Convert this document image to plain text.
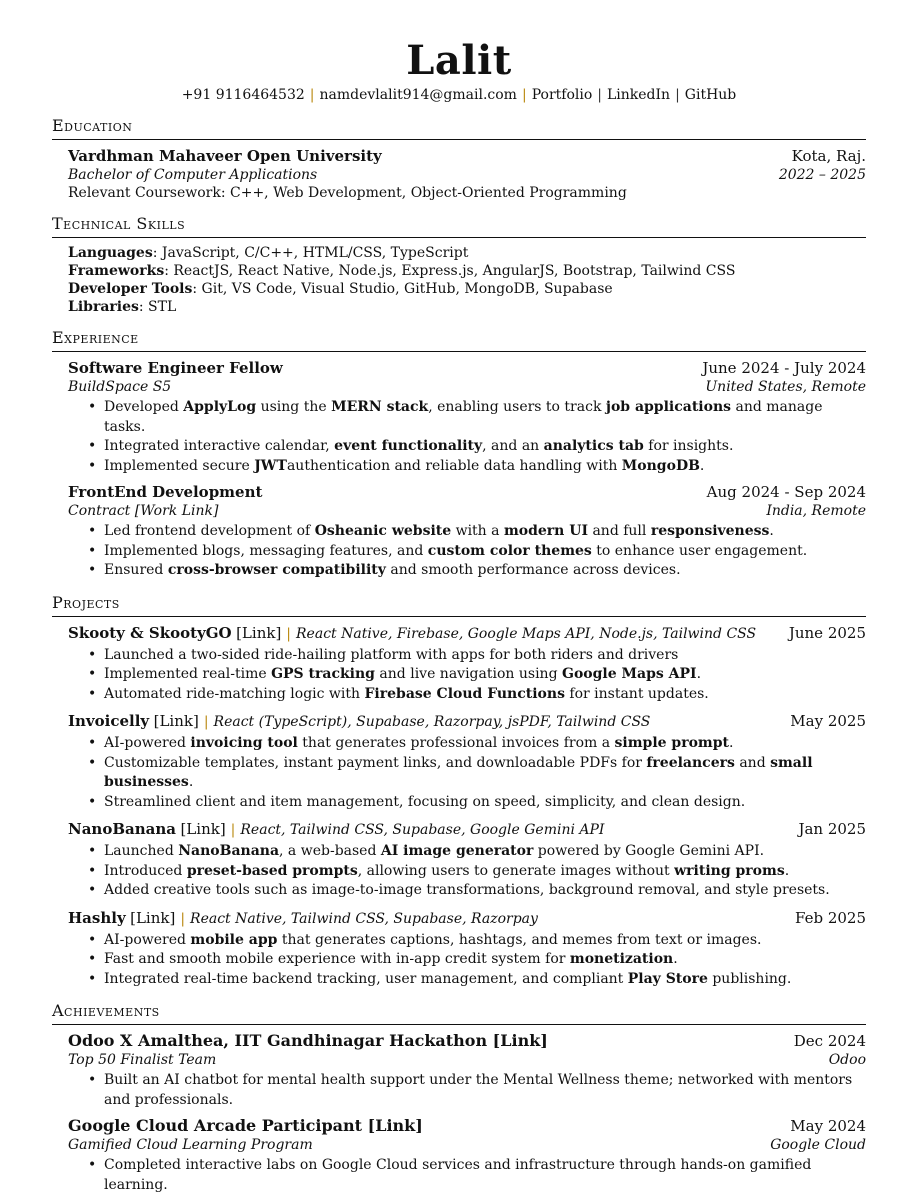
Lalit
+91 9116464532 | namdevlalit914@gmail.com | Portfolio | LinkedIn | GitHub
Education
Vardhman Mahaveer Open University	Kota, Raj.
Bachelor of Computer Applications	2022 – 2025
Relevant Coursework: C++, Web Development, Object-Oriented Programming
Technical Skills
Languages: JavaScript, C/C++, HTML/CSS, TypeScript
Frameworks: ReactJS, React Native, Node.js, Express.js, AngularJS, Bootstrap, Tailwind CSS
Developer Tools: Git, VS Code, Visual Studio, GitHub, MongoDB, Supabase
Libraries: STL
Experience
Software Engineer Fellow	June 2024 - July 2024
BuildSpace S5	United States, Remote
• Developed ApplyLog using the MERN stack, enabling users to track job applications and manage tasks.
• Integrated interactive calendar, event functionality, and an analytics tab for insights.
• Implemented secure JWTauthentication and reliable data handling with MongoDB.
FrontEnd Development	Aug 2024 - Sep 2024
Contract [Work Link]	India, Remote
• Led frontend development of Osheanic website with a modern UI and full responsiveness.
• Implemented blogs, messaging features, and custom color themes to enhance user engagement.
• Ensured cross-browser compatibility and smooth performance across devices.
Projects
Skooty & SkootyGO [Link] | React Native, Firebase, Google Maps API, Node.js, Tailwind CSS June 2025
• Launched a two-sided ride-hailing platform with apps for both riders and drivers
• Implemented real-time GPS tracking and live navigation using Google Maps API.
• Automated ride-matching logic with Firebase Cloud Functions for instant updates.
Invoicelly [Link] | React (TypeScript), Supabase, Razorpay, jsPDF, Tailwind CSS	May 2025
• AI-powered invoicing tool that generates professional invoices from a simple prompt.
• Customizable templates, instant payment links, and downloadable PDFs for freelancers and small businesses.
• Streamlined client and item management, focusing on speed, simplicity, and clean design.
NanoBanana [Link] | React, Tailwind CSS, Supabase, Google Gemini API	Jan 2025
• Launched NanoBanana, a web-based AI image generator powered by Google Gemini API.
• Introduced preset-based prompts, allowing users to generate images without writing proms.
• Added creative tools such as image-to-image transformations, background removal, and style presets.
Hashly [Link] | React Native, Tailwind CSS, Supabase, Razorpay	Feb 2025
• AI-powered mobile app that generates captions, hashtags, and memes from text or images.
• Fast and smooth mobile experience with in-app credit system for monetization.
• Integrated real-time backend tracking, user management, and compliant Play Store publishing.
Achievements
Odoo X Amalthea, IIT Gandhinagar Hackathon [Link]	Dec 2024
Top 50 Finalist Team	Odoo
• Built an AI chatbot for mental health support under the Mental Wellness theme; networked with mentors and professionals.
Google Cloud Arcade Participant [Link]	May 2024
Gamified Cloud Learning Program	Google Cloud
• Completed interactive labs on Google Cloud services and infrastructure through hands-on gamified learning.
